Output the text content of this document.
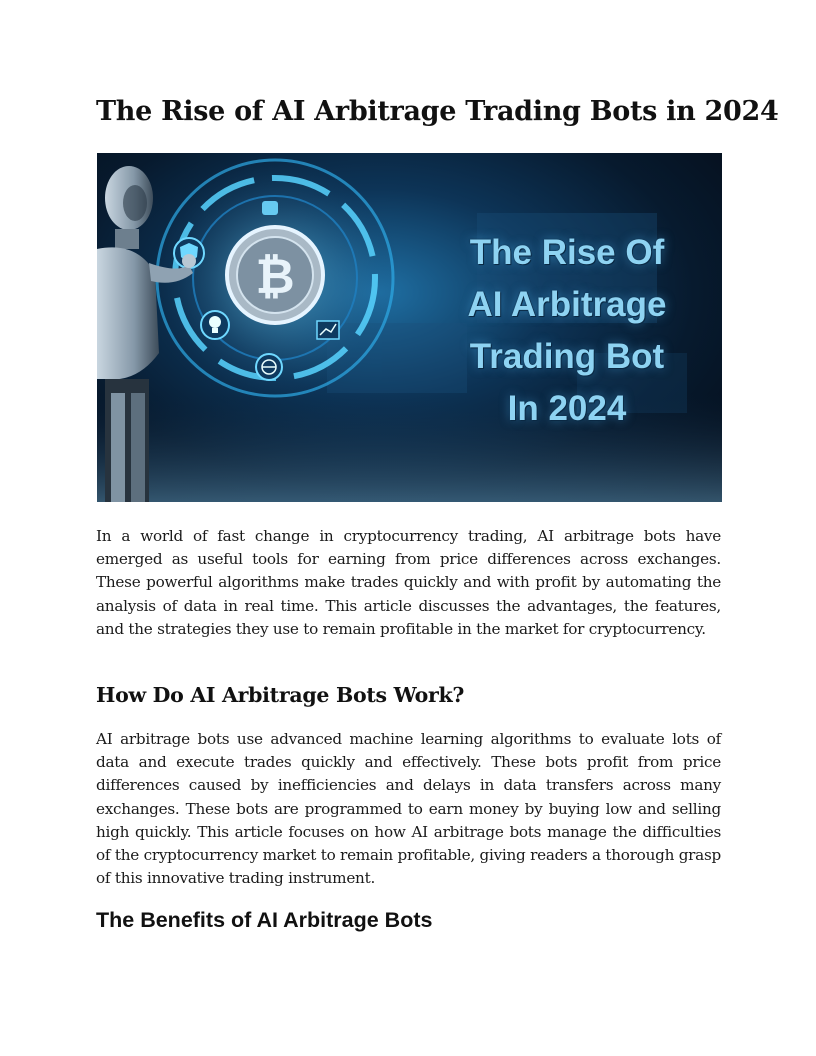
The Rise of AI Arbitrage Trading Bots in 2024
₿	The Rise Of
AI Arbitrage
Trading Bot
In 2024

In a world of fast change in cryptocurrency trading, AI arbitrage bots have emerged as useful tools for earning from price differences across exchanges. These powerful algorithms make trades quickly and with profit by automating the analysis of data in real time. This article discusses the advantages, the features, and the strategies they use to remain profitable in the market for cryptocurrency.

How Do AI Arbitrage Bots Work?

AI arbitrage bots use advanced machine learning algorithms to evaluate lots of data and execute trades quickly and effectively. These bots profit from price differences caused by inefficiencies and delays in data transfers across many exchanges. These bots are programmed to earn money by buying low and selling high quickly. This article focuses on how AI arbitrage bots manage the difficulties of the cryptocurrency market to remain profitable, giving readers a thorough grasp of this innovative trading instrument.

The Benefits of AI Arbitrage Bots
